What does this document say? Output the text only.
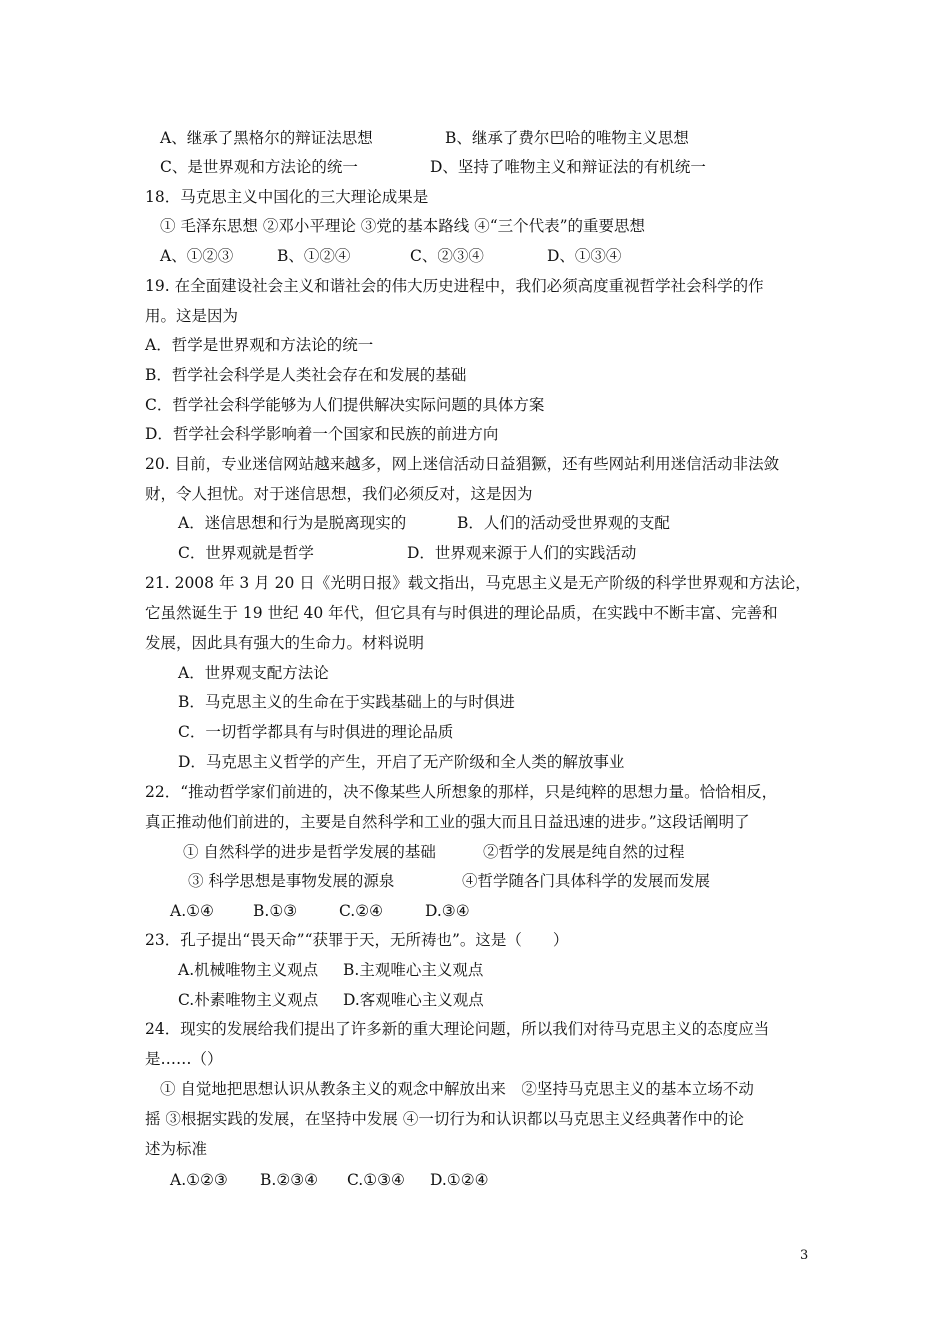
A、继承了黑格尔的辩证法思想	B、继承了费尔巴哈的唯物主义思想
C、是世界观和方法论的统一	D、坚持了唯物主义和辩证法的有机统一
18．马克思主义中国化的三大理论成果是
① 毛泽东思想 ②邓小平理论 ③党的基本路线 ④“三个代表”的重要思想
A、①②③	B、①②④	C、②③④	D、①③④
19. 在全面建设社会主义和谐社会的伟大历史进程中，我们必须高度重视哲学社会科学的作
用。这是因为
A．哲学是世界观和方法论的统一
B．哲学社会科学是人类社会存在和发展的基础
C．哲学社会科学能够为人们提供解决实际问题的具体方案
D．哲学社会科学影响着一个国家和民族的前进方向
20. 目前，专业迷信网站越来越多，网上迷信活动日益猖獗，还有些网站利用迷信活动非法敛
财，令人担忧。对于迷信思想，我们必须反对，这是因为
A．迷信思想和行为是脱离现实的	B．人们的活动受世界观的支配
C．世界观就是哲学	D．世界观来源于人们的实践活动
21. 2008 年 3 月 20 日《光明日报》载文指出，马克思主义是无产阶级的科学世界观和方法论，
它虽然诞生于 19 世纪 40 年代，但它具有与时俱进的理论品质，在实践中不断丰富、完善和
发展，因此具有强大的生命力。材料说明
A．世界观支配方法论
B．马克思主义的生命在于实践基础上的与时俱进
C．一切哲学都具有与时俱进的理论品质
D．马克思主义哲学的产生，开启了无产阶级和全人类的解放事业
22．“推动哲学家们前进的，决不像某些人所想象的那样，只是纯粹的思想力量。恰恰相反，
真正推动他们前进的，主要是自然科学和工业的强大而且日益迅速的进步。”这段话阐明了
① 自然科学的进步是哲学发展的基础	②哲学的发展是纯自然的过程
③ 科学思想是事物发展的源泉	④哲学随各门具体科学的发展而发展
A.①④	B.①③	C.②④	D.③④
23．孔子提出“畏天命”“获罪于天，无所祷也”。这是（　　）
A.机械唯物主义观点 B.主观唯心主义观点
C.朴素唯物主义观点 D.客观唯心主义观点
24．现实的发展给我们提出了许多新的重大理论问题，所以我们对待马克思主义的态度应当
是……（）
① 自觉地把思想认识从教条主义的观念中解放出来　②坚持马克思主义的基本立场不动
摇 ③根据实践的发展，在坚持中发展 ④一切行为和认识都以马克思主义经典著作中的论
述为标准
A.①②③ B.②③④ C.①③④ D.①②④
3
